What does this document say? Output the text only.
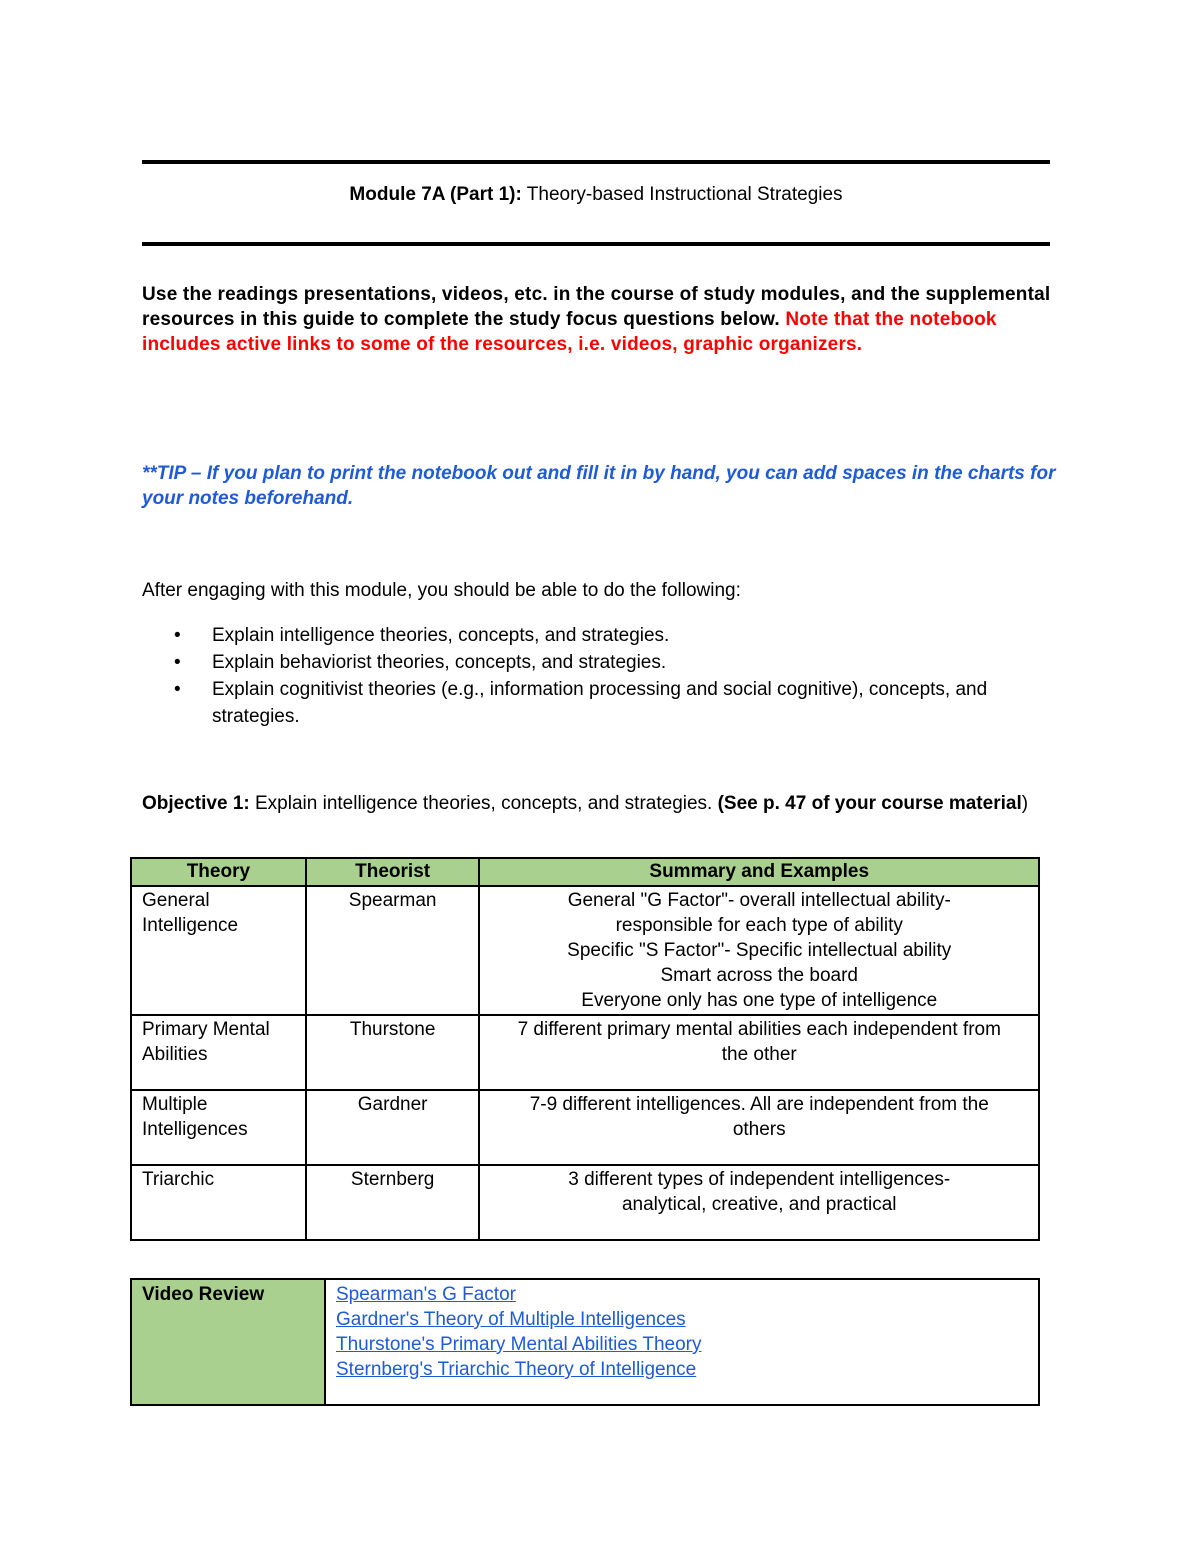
Module 7A (Part 1): Theory-based Instructional Strategies
Use the readings presentations, videos, etc. in the course of study modules, and the supplemental resources in this guide to complete the study focus questions below. Note that the notebook includes active links to some of the resources, i.e. videos, graphic organizers.
**TIP – If you plan to print the notebook out and fill it in by hand, you can add spaces in the charts for your notes beforehand.
After engaging with this module, you should be able to do the following:
• Explain intelligence theories, concepts, and strategies.
• Explain behaviorist theories, concepts, and strategies.
• Explain cognitivist theories (e.g., information processing and social cognitive), concepts, and strategies.
Objective 1: Explain intelligence theories, concepts, and strategies. (See p. 47 of your course material)
Theory	Theorist	Summary and Examples
General Intelligence	Spearman	General "G Factor"- overall intellectual ability- responsible for each type of ability
Specific "S Factor"- Specific intellectual ability
Smart across the board
Everyone only has one type of intelligence

Primary Mental Abilities	Thurstone	7 different primary mental abilities each independent from the other

Multiple Intelligences	Gardner	7-9 different intelligences. All are independent from the others

Triarchic	Sternberg	3 different types of independent intelligences- analytical, creative, and practical
Video Review	Spearman's G Factor
Gardner's Theory of Multiple Intelligences
Thurstone's Primary Mental Abilities Theory
Sternberg's Triarchic Theory of Intelligence
